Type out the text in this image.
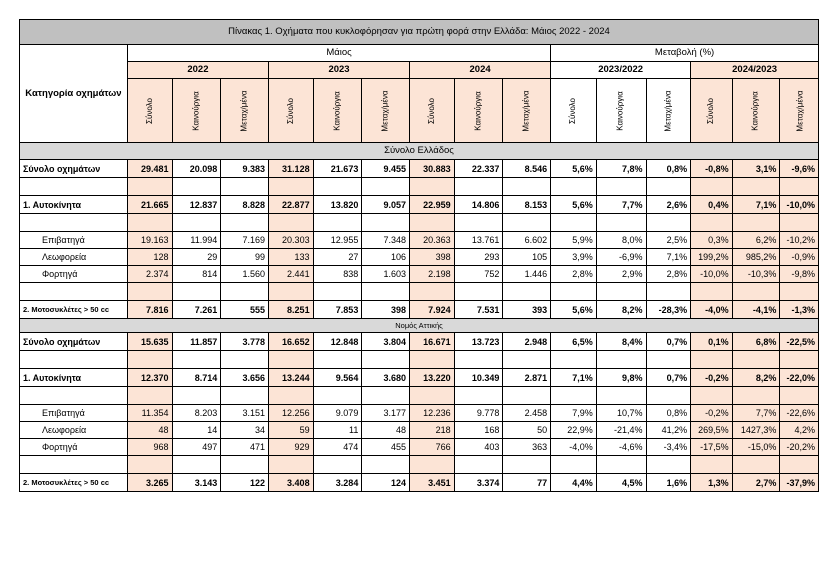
Πίνακας 1. Οχήματα που κυκλοφόρησαν για πρώτη φορά στην Ελλάδα: Μάιος 2022 - 2024															
Κατηγορία οχημάτων	Μάιος									Μεταβολή (%)					
	2022			2023			2024			2023/2022			2024/2023		
	Σύνολο	Καινούργια	Μεταχ/μένα	Σύνολο	Καινούργια	Μεταχ/μένα	Σύνολο	Καινούργια	Μεταχ/μένα	Σύνολο	Καινούργια	Μεταχ/μένα	Σύνολο	Καινούργια	Μεταχ/μένα
Σύνολο Ελλάδος															
Σύνολο οχημάτων	29.481	20.098	9.383	31.128	21.673	9.455	30.883	22.337	8.546	5,6%	7,8%	0,8%	-0,8%	3,1%	-9,6%

1. Αυτοκίνητα	21.665	12.837	8.828	22.877	13.820	9.057	22.959	14.806	8.153	5,6%	7,7%	2,6%	0,4%	7,1%	-10,0%

Επιβατηγά	19.163	11.994	7.169	20.303	12.955	7.348	20.363	13.761	6.602	5,9%	8,0%	2,5%	0,3%	6,2%	-10,2%
Λεωφορεία	128	29	99	133	27	106	398	293	105	3,9%	-6,9%	7,1%	199,2%	985,2%	-0,9%
Φορτηγά	2.374	814	1.560	2.441	838	1.603	2.198	752	1.446	2,8%	2,9%	2,8%	-10,0%	-10,3%	-9,8%

2. Μοτοσυκλέτες > 50 cc	7.816	7.261	555	8.251	7.853	398	7.924	7.531	393	5,6%	8,2%	-28,3%	-4,0%	-4,1%	-1,3%
Νομός Αττικής															
Σύνολο οχημάτων	15.635	11.857	3.778	16.652	12.848	3.804	16.671	13.723	2.948	6,5%	8,4%	0,7%	0,1%	6,8%	-22,5%

1. Αυτοκίνητα	12.370	8.714	3.656	13.244	9.564	3.680	13.220	10.349	2.871	7,1%	9,8%	0,7%	-0,2%	8,2%	-22,0%

Επιβατηγά	11.354	8.203	3.151	12.256	9.079	3.177	12.236	9.778	2.458	7,9%	10,7%	0,8%	-0,2%	7,7%	-22,6%
Λεωφορεία	48	14	34	59	11	48	218	168	50	22,9%	-21,4%	41,2%	269,5%	1427,3%	4,2%
Φορτηγά	968	497	471	929	474	455	766	403	363	-4,0%	-4,6%	-3,4%	-17,5%	-15,0%	-20,2%

2. Μοτοσυκλέτες > 50 cc	3.265	3.143	122	3.408	3.284	124	3.451	3.374	77	4,4%	4,5%	1,6%	1,3%	2,7%	-37,9%
